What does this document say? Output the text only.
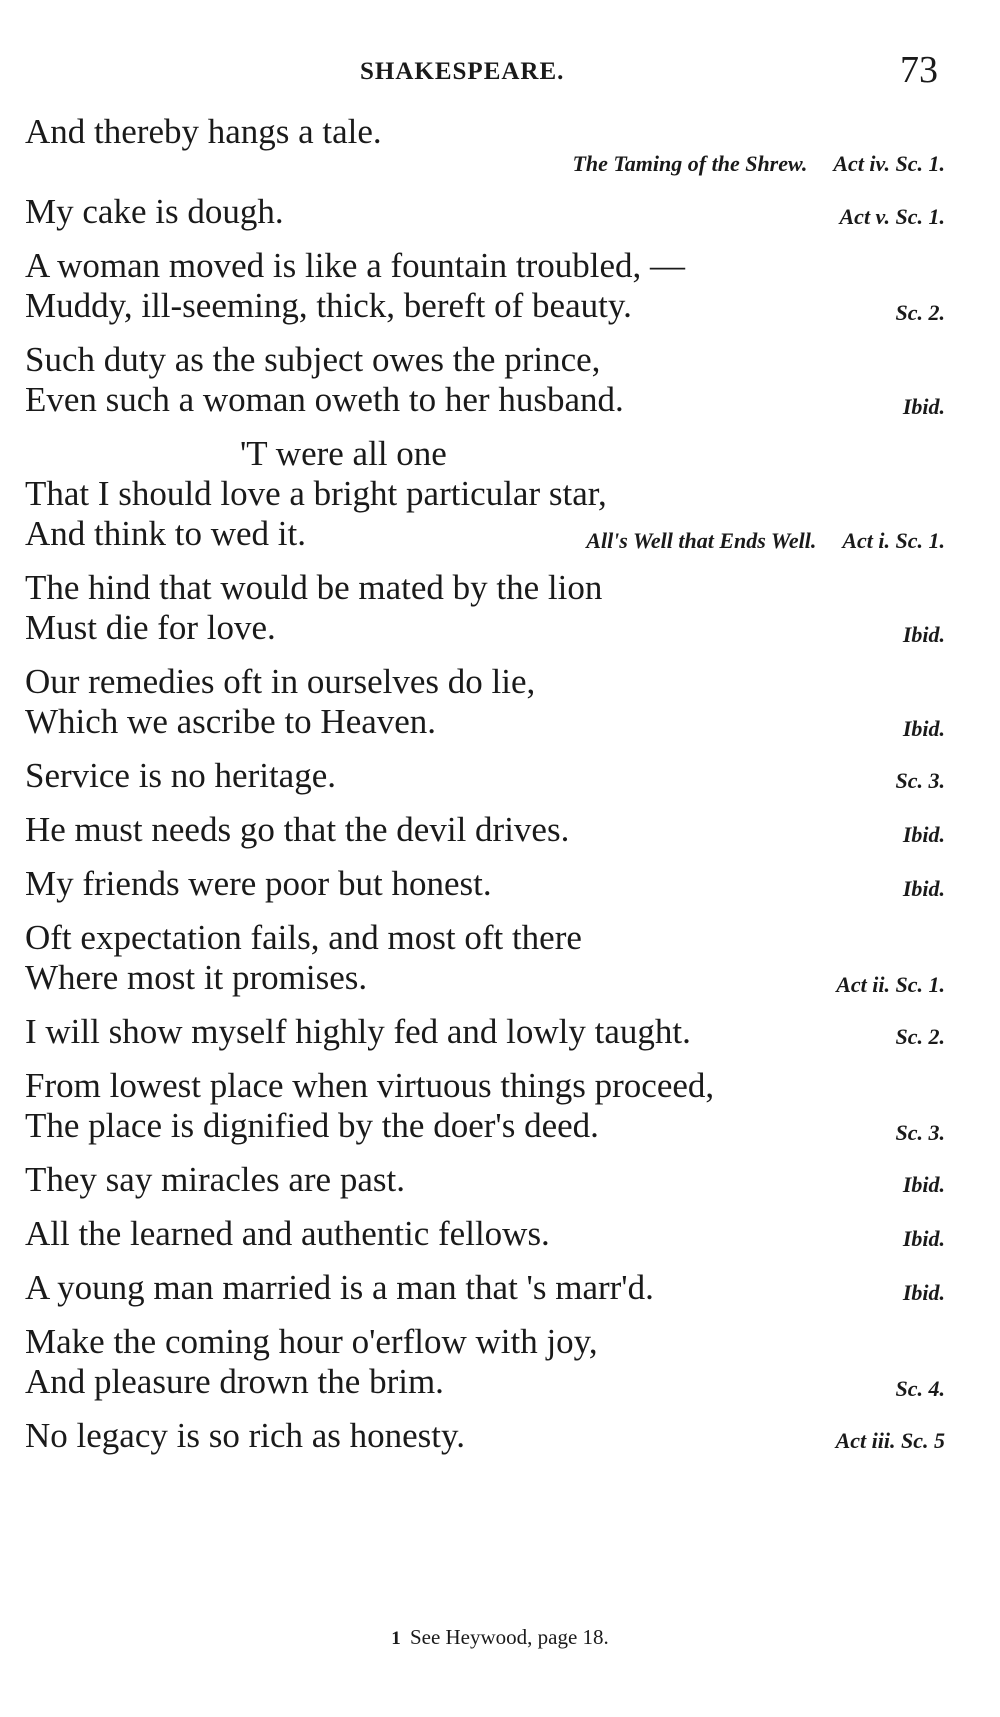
SHAKESPEARE.	73
And thereby hangs a tale.
The Taming of the Shrew. Act iv. Sc. 1.
My cake is dough.	Act v. Sc. 1.
A woman moved is like a fountain troubled, —
Muddy, ill-seeming, thick, bereft of beauty.	Sc. 2.
Such duty as the subject owes the prince,
Even such a woman oweth to her husband.	Ibid.
'T were all one
That I should love a bright particular star,
And think to wed it.	All's Well that Ends Well. Act i. Sc. 1.
The hind that would be mated by the lion
Must die for love.	Ibid.
Our remedies oft in ourselves do lie,
Which we ascribe to Heaven.	Ibid.
Service is no heritage.	Sc. 3.
He must needs go that the devil drives.	Ibid.
My friends were poor but honest.	Ibid.
Oft expectation fails, and most oft there
Where most it promises.	Act ii. Sc. 1.
I will show myself highly fed and lowly taught.	Sc. 2.
From lowest place when virtuous things proceed,
The place is dignified by the doer's deed.	Sc. 3.
They say miracles are past.	Ibid.
All the learned and authentic fellows.	Ibid.
A young man married is a man that 's marr'd.	Ibid.
Make the coming hour o'erflow with joy,
And pleasure drown the brim.	Sc. 4.
No legacy is so rich as honesty.	Act iii. Sc. 5
1 See Heywood, page 18.
